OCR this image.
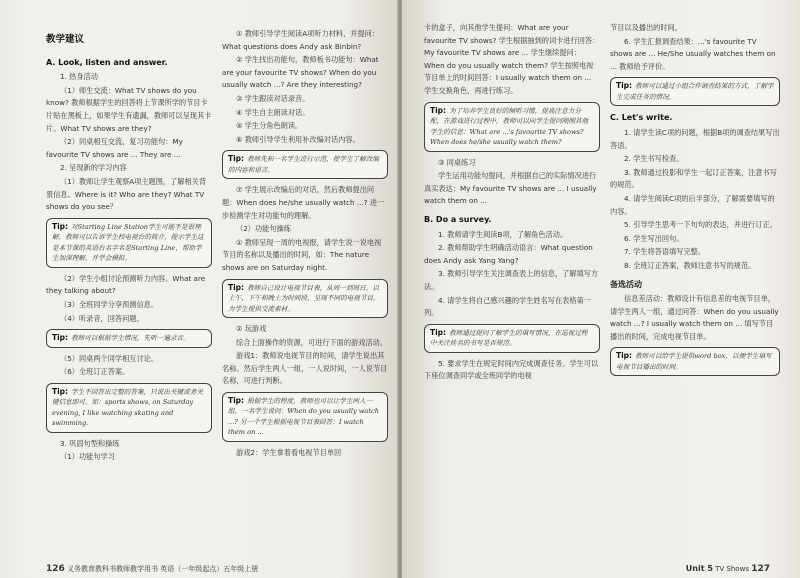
教学建议
A. Look, listen and answer.

1. 热身活动

（1）师生交流：What TV shows do you know? 教师根据学生的回答将上节课所学的节目卡片贴在黑板上，如果学生有遗漏，教师可以呈现其卡片。What TV shows are they?

（2）同桌相互交流，复习功能句：My favourite TV shows are ... They are ...

2. 呈现新的学习内容

（1）教师让学生观察A项主题图，了解相关背景信息。Where is it? Who are they? What TV shows do you see？

Tip: 对Starting Line Station学生可能不是很理解，教师可以告诉学生校电视台的简介，提示学生这是本节课的英语台名字名是Starting Line，帮助学生加深理解，并学会模拟。

（2）学生小组讨论预测听力内容。What are they talking about?

（3）全班同学分享预测信息。

（4）听录音，回答问题。

Tip: 教师可以根据学生情况，先听一遍录音。

（5）同桌两个同学相互讨论。

（6）全班订正答案。

Tip: 学生不回答出完整的答案，只说出关键或者关键信息即可。如：sports shows, on Saturday evening, I like watching skating and swimming.

3. 巩固句型和操练

（1）功能句学习

① 教师引导学生阅读A项听力材料，并提问：What questions does Andy ask Binbin?

② 学生找出功能句，教师板书功能句：What are your favourite TV shows? When do you usually watch ...? Are they interesting?

③ 学生跟读对话录音。

④ 学生自主朗读对话。

⑤ 学生分角色朗读。

⑥ 教师引导学生利用补改编对话内容。

Tip: 教师先和一名学生进行示范，使学生了解改编的内容和语言。

⑦ 学生展示改编后的对话，然后教师提出问题：When does he/she usually watch ...? 进一步检测学生对功能句的理解。

（2）功能句操练

① 教师呈现一周的电视报，请学生说一说电视节目的名称以及播出的时间，如：The nature shows are on Saturday night.

Tip: 教师自己设计电视节目表，从周一到周日，以上午、下午和晚上为时间段，呈现不同的电视节目，为学生提供交流素材。

② 玩游戏

综合上面操作的资源，可进行下面的游戏活动。

游戏1：教师说电视节目的时间，请学生说出其名称。然后学生两人一组，一人说时间，一人说节目名称，可进行判断。

Tip: 根据学生的程度，教师也可以让学生两人一组，一名学生说问：When do you usually watch ...? 另一个学生根据电视节目表回答：I watch them on ...

游戏2：学生拿着看电视节目单回

126 义务教育教科书教师教学用书 英语（一年级起点）五年级上册

卡的盒子，向其他学生提问：What are your favourite TV shows? 学生根据抽到的词卡进行回答：My favourite TV shows are ... 学生继续提问：When do you usually watch them? 学生按照电视节目单上的时间回答：I usually watch them on ... 学生交换角色，再进行练习。

Tip: 为了培养学生良好的倾听习惯，提高注意力分配，在游戏进行过程中，教师可以向学生提问刚刚其他学生的信息：What are ...'s favourite TV shows? When does he/she usually watch them?

③ 同桌练习

学生运用功能句提问，并根据自己的实际情况进行真实表达：My favourite TV shows are ... I usually watch them on ...

B. Do a survey.

1. 教师请学生阅读B项，了解角色活动。

2. 教师帮助学生明确活动语言：What question does Andy ask Yang Yang?

3. 教师引导学生关注调查表上的信息，了解填写方法。

4. 请学生将自己感兴趣的学生姓名写在表格第一列。

Tip: 教师通过提问了解学生的填写情况，在巡视过程中关注姓名的书写是否规范。

5. 要求学生在规定时间内完成调查任务。学生可以下座位调查同学或全班同学的电视

节目以及播出的时间。

6. 学生汇报调查结果：...'s favourite TV shows are ... He/She usually watches them on ... 教师给予评价。

Tip: 教师可以通过小组合作调查结果的方式，了解学生完成任务的情况。
C. Let's write.

1. 请学生读C项的问题，根据B项的调查结果写出答语。

2. 学生书写检查。

3. 教师通过投影和学生一起订正答案，注意书写的规范。

4. 请学生阅读C项的后半部分，了解需要填写的内容。

5. 引导学生思考一下句句的表达，并进行订正。

6. 学生写出回句。

7. 学生将答语填写完整。

8. 全班订正答案，教师注意书写的规范。

备选活动

信息差活动：教师设计有信息差的电视节目单，请学生两人一组，通过问答：When do you usually watch ...? I usually watch them on ... 填写节目播出的时间，完成电视节目单。

Tip: 教师可以给学生提供word box，以便学生填写电视节目播出的时间。
Unit 5 TV Shows 127
